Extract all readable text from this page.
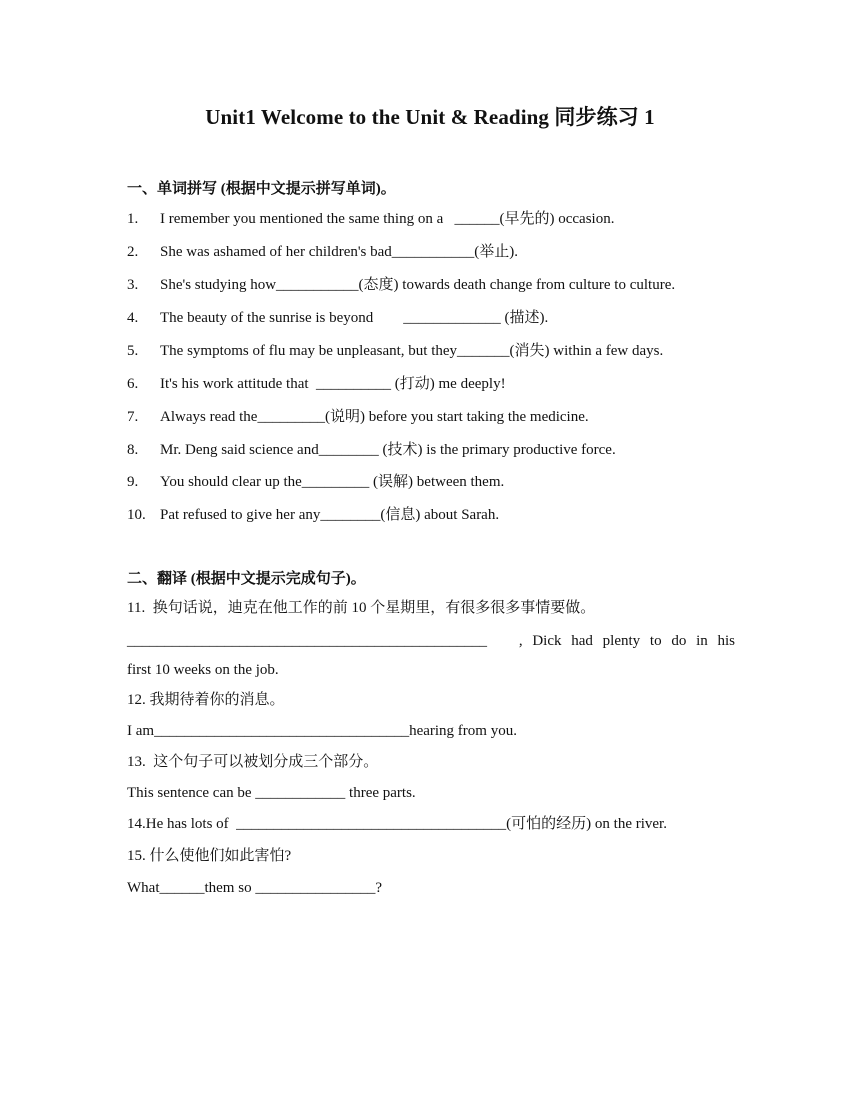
Unit1 Welcome to the Unit & Reading 同步练习 1
一、单词拼写 (根据中文提示拼写单词)。
1. I remember you mentioned the same thing on a   ______(早先的) occasion.
2. She was ashamed of her children's bad___________(举止).
3. She's studying how___________(态度) towards death change from culture to culture.
4. The beauty of the sunrise is beyond        _____________ (描述).
5. The symptoms of flu may be unpleasant, but they_______(消失) within a few days.
6. It's his work attitude that  __________ (打动) me deeply!
7. Always read the_________(说明) before you start taking the medicine.
8. Mr. Deng said science and________ (技术) is the primary productive force.
9. You should clear up the_________ (误解) between them.
10. Pat refused to give her any________(信息) about Sarah.
二、翻译 (根据中文提示完成句子)。
11.  换句话说，迪克在他工作的前 10 个星期里，有很多很多事情要做。
________________________________________________ , Dick had plenty to do in his
first 10 weeks on the job.
12. 我期待着你的消息。
I am__________________________________hearing from you.
13.  这个句子可以被划分成三个部分。
This sentence can be ____________ three parts.
14.He has lots of  ____________________________________(可怕的经历) on the river.
15. 什么使他们如此害怕?
What______them so ________________?
